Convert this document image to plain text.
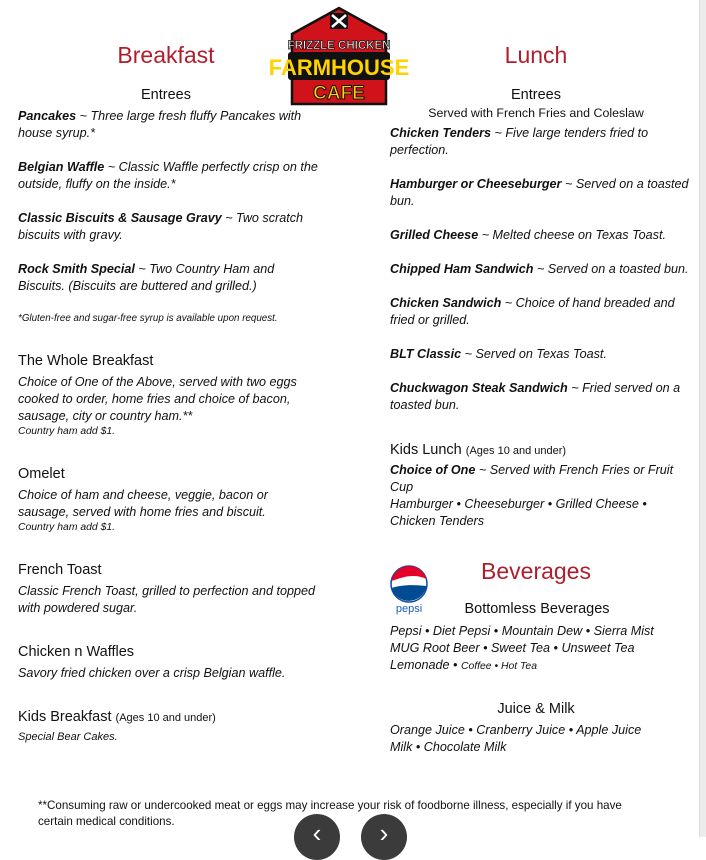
FRIZZLE CHICKEN
FARMHOUSE
CAFE
Breakfast
Entrees
Pancakes ~ Three large fresh fluffy Pancakes with house syrup.*
Belgian Waffle ~ Classic Waffle perfectly crisp on the outside, fluffy on the inside.*
Classic Biscuits & Sausage Gravy ~ Two scratch biscuits with gravy.
Rock Smith Special ~ Two Country Ham and Biscuits. (Biscuits are buttered and grilled.)
*Gluten-free and sugar-free syrup is available upon request.
The Whole Breakfast
Choice of One of the Above, served with two eggs cooked to order, home fries and choice of bacon, sausage, city or country ham.**
Country ham add $1.
Omelet
Choice of ham and cheese, veggie, bacon or sausage, served with home fries and biscuit.
Country ham add $1.
French Toast
Classic French Toast, grilled to perfection and topped with powdered sugar.
Chicken n Waffles
Savory fried chicken over a crisp Belgian waffle.
Kids Breakfast (Ages 10 and under)
Special Bear Cakes.
Lunch
Entrees
Served with French Fries and Coleslaw
Chicken Tenders ~ Five large tenders fried to perfection.
Hamburger or Cheeseburger ~ Served on a toasted bun.
Grilled Cheese ~ Melted cheese on Texas Toast.
Chipped Ham Sandwich ~ Served on a toasted bun.
Chicken Sandwich ~ Choice of hand breaded and fried or grilled.
BLT Classic ~ Served on Texas Toast.
Chuckwagon Steak Sandwich ~ Fried served on a toasted bun.
Kids Lunch (Ages 10 and under)
Choice of One ~ Served with French Fries or Fruit Cup
Hamburger • Cheeseburger • Grilled Cheese • Chicken Tenders
pepsi
Beverages
Bottomless Beverages
Pepsi • Diet Pepsi • Mountain Dew • Sierra Mist
MUG Root Beer • Sweet Tea • Unsweet Tea
Lemonade • Coffee • Hot Tea
Juice & Milk
Orange Juice • Cranberry Juice • Apple Juice
Milk • Chocolate Milk
**Consuming raw or undercooked meat or eggs may increase your risk of foodborne illness, especially if you have certain medical conditions.	‹	›
